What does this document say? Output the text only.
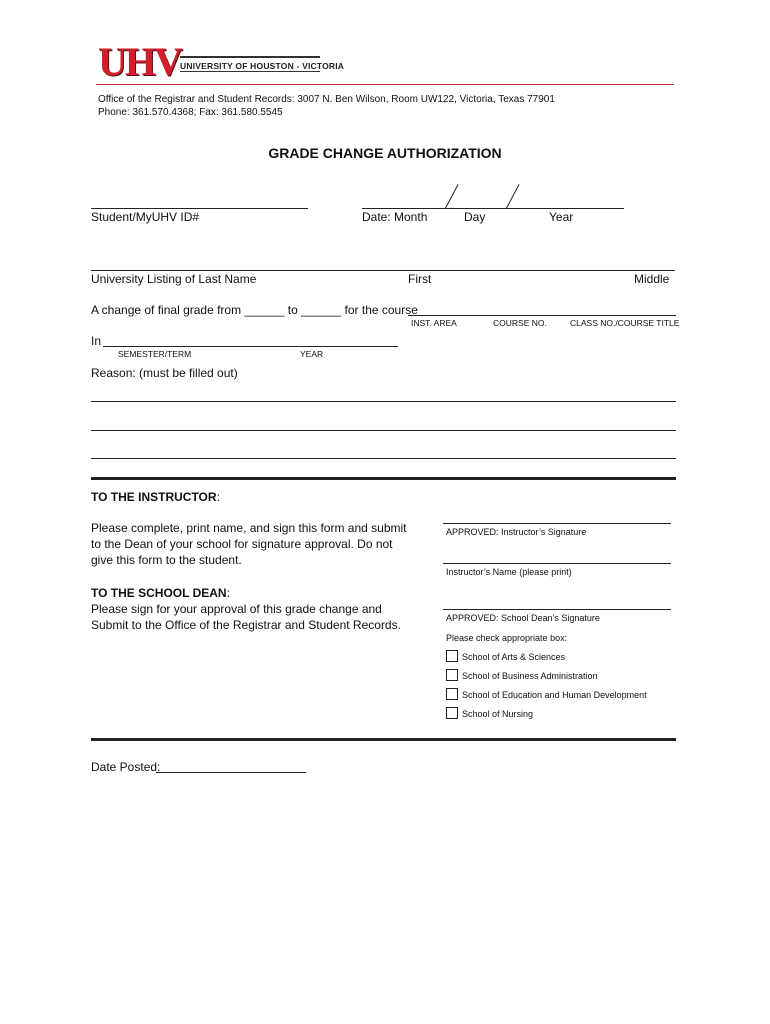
UHV UNIVERSITY OF HOUSTON - VICTORIA
Office of the Registrar and Student Records: 3007 N. Ben Wilson, Room UW122, Victoria, Texas 77901
Phone: 361.570.4368; Fax: 361.580.5545
GRADE CHANGE AUTHORIZATION
Student/MyUHV ID#	Date: Month	Day	Year
University Listing of Last Name	First	Middle
A change of final grade from ______ to ______ for the course
INST. AREA	COURSE NO.	CLASS NO./COURSE TITLE
In
SEMESTER/TERM	YEAR
Reason: (must be filled out)
TO THE INSTRUCTOR:
Please complete, print name, and sign this form and submit
to the Dean of your school for signature approval. Do not
give this form to the student.
APPROVED: Instructor’s Signature
Instructor’s Name (please print)
TO THE SCHOOL DEAN:
Please sign for your approval of this grade change and
Submit to the Office of the Registrar and Student Records.	APPROVED: School Dean’s Signature
Please check appropriate box:
School of Arts & Sciences
School of Business Administration
School of Education and Human Development
School of Nursing
Date Posted:
